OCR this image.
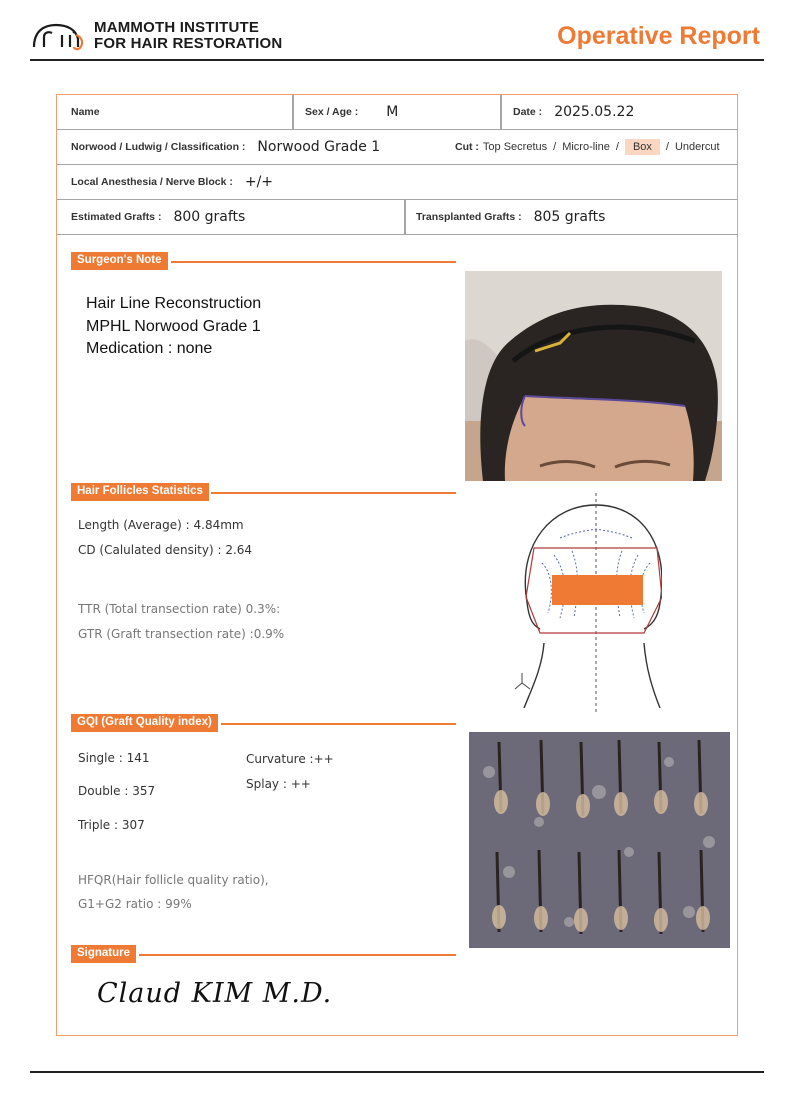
MAMMOTH INSTITUTE
FOR HAIR RESTORATION	Operative Report
Name	Sex / Age : M	Date : 2025.05.22
Norwood / Ludwig / Classification : Norwood Grade 1	Cut : Top Secretus / Micro-line / Box / Undercut
Local Anesthesia / Nerve Block : +/+
Estimated Grafts : 800 grafts	Transplanted Grafts : 805 grafts
Surgeon's Note
Hair Line Reconstruction
MPHL Norwood Grade 1
Medication : none
Hair Follicles Statistics
Length (Average) : 4.84mm
CD (Calulated density) : 2.64
TTR (Total transection rate) 0.3%:
GTR (Graft transection rate) :0.9%
GQI (Graft Quality index)
Single : 141
Double : 357
Triple : 307
Curvature :++
Splay : ++
HFQR(Hair follicle quality ratio),
G1+G2 ratio : 99%
Signature
Claud KIM M.D.
